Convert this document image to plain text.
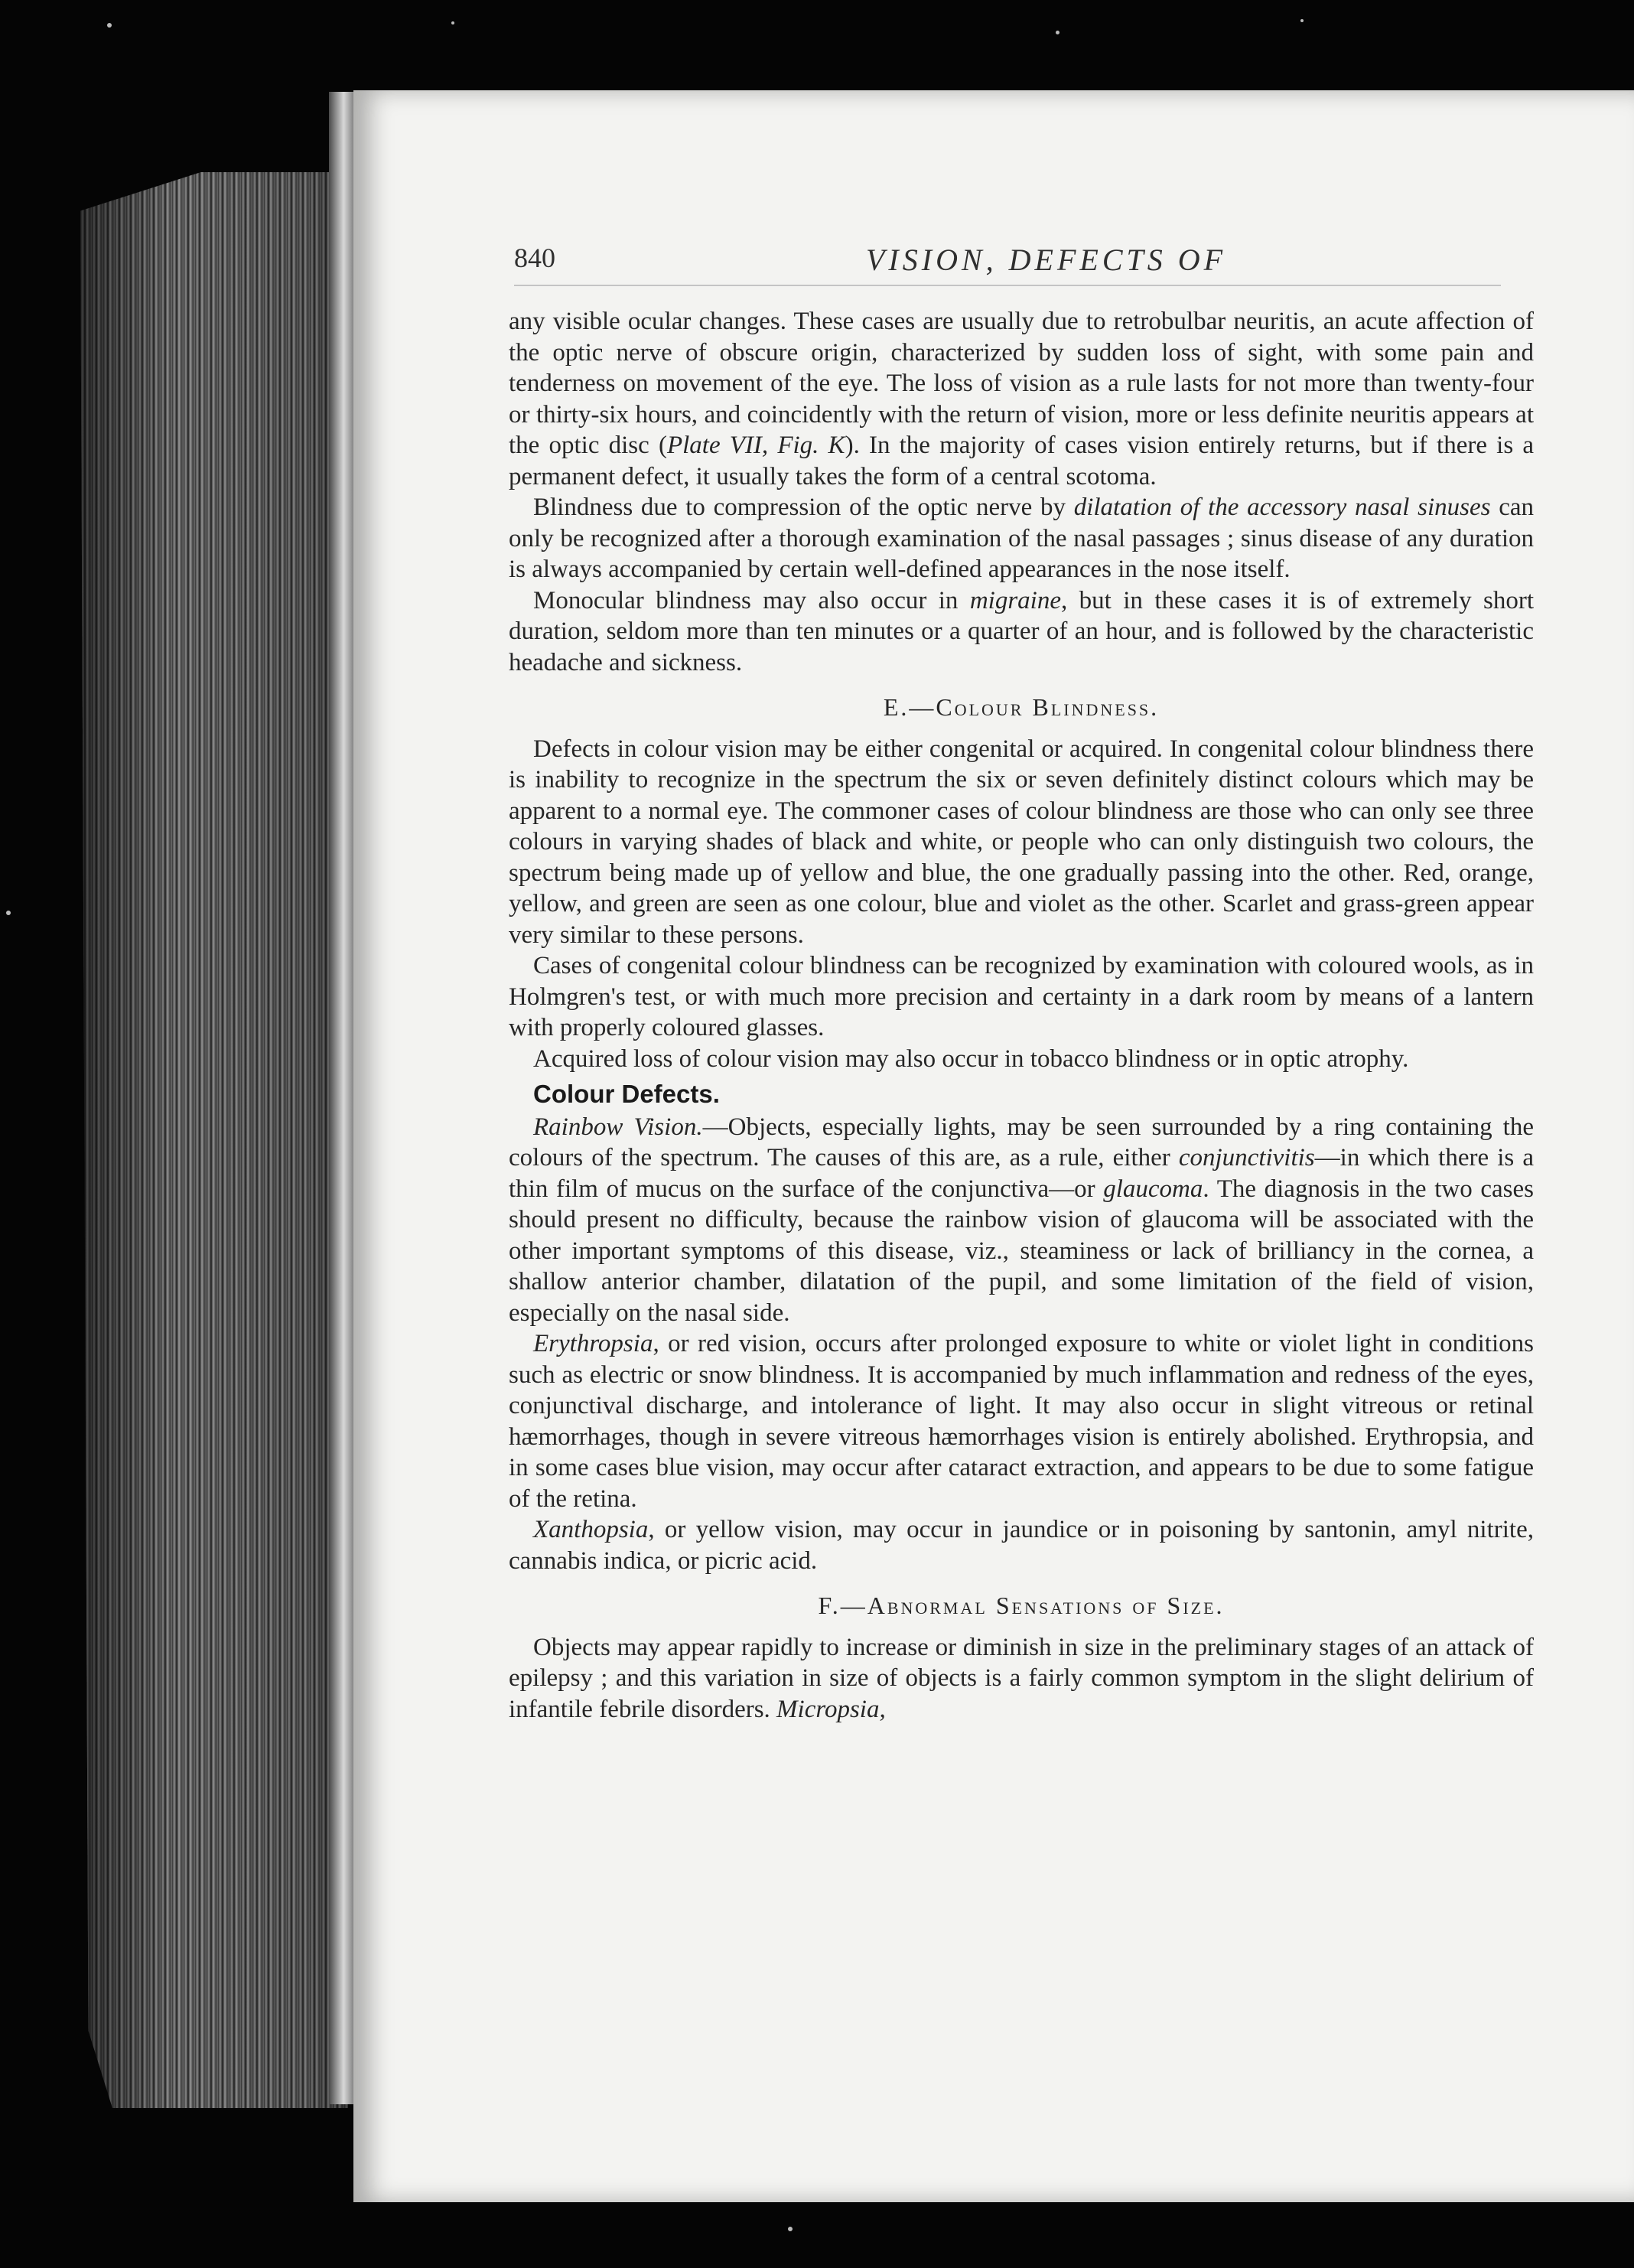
840	VISION, DEFECTS OF

any visible ocular changes. These cases are usually due to retrobulbar neuritis, an acute affection of the optic nerve of obscure origin, characterized by sudden loss of sight, with some pain and tenderness on movement of the eye. The loss of vision as a rule lasts for not more than twenty-four or thirty-six hours, and coincidently with the return of vision, more or less definite neuritis appears at the optic disc (Plate VII, Fig. K). In the majority of cases vision entirely returns, but if there is a permanent defect, it usually takes the form of a central scotoma.

Blindness due to compression of the optic nerve by dilatation of the accessory nasal sinuses can only be recognized after a thorough examination of the nasal passages ; sinus disease of any duration is always accompanied by certain well-defined appearances in the nose itself.

Monocular blindness may also occur in migraine, but in these cases it is of extremely short duration, seldom more than ten minutes or a quarter of an hour, and is followed by the characteristic headache and sickness.

E.—Colour Blindness.

Defects in colour vision may be either congenital or acquired. In congenital colour blindness there is inability to recognize in the spectrum the six or seven definitely distinct colours which may be apparent to a normal eye. The commoner cases of colour blindness are those who can only see three colours in varying shades of black and white, or people who can only distinguish two colours, the spectrum being made up of yellow and blue, the one gradually passing into the other. Red, orange, yellow, and green are seen as one colour, blue and violet as the other. Scarlet and grass-green appear very similar to these persons.

Cases of congenital colour blindness can be recognized by examination with coloured wools, as in Holmgren's test, or with much more precision and certainty in a dark room by means of a lantern with properly coloured glasses.

Acquired loss of colour vision may also occur in tobacco blindness or in optic atrophy.

Colour Defects.

Rainbow Vision.—Objects, especially lights, may be seen surrounded by a ring containing the colours of the spectrum. The causes of this are, as a rule, either conjunctivitis—in which there is a thin film of mucus on the surface of the conjunctiva—or glaucoma. The diagnosis in the two cases should present no difficulty, because the rainbow vision of glaucoma will be associated with the other important symptoms of this disease, viz., steaminess or lack of brilliancy in the cornea, a shallow anterior chamber, dilatation of the pupil, and some limitation of the field of vision, especially on the nasal side.

Erythropsia, or red vision, occurs after prolonged exposure to white or violet light in conditions such as electric or snow blindness. It is accompanied by much inflammation and redness of the eyes, conjunctival discharge, and intolerance of light. It may also occur in slight vitreous or retinal hæmorrhages, though in severe vitreous hæmorrhages vision is entirely abolished. Erythropsia, and in some cases blue vision, may occur after cataract extraction, and appears to be due to some fatigue of the retina.

Xanthopsia, or yellow vision, may occur in jaundice or in poisoning by santonin, amyl nitrite, cannabis indica, or picric acid.

F.—Abnormal Sensations of Size.

Objects may appear rapidly to increase or diminish in size in the preliminary stages of an attack of epilepsy ; and this variation in size of objects is a fairly common symptom in the slight delirium of infantile febrile disorders. Micropsia,
